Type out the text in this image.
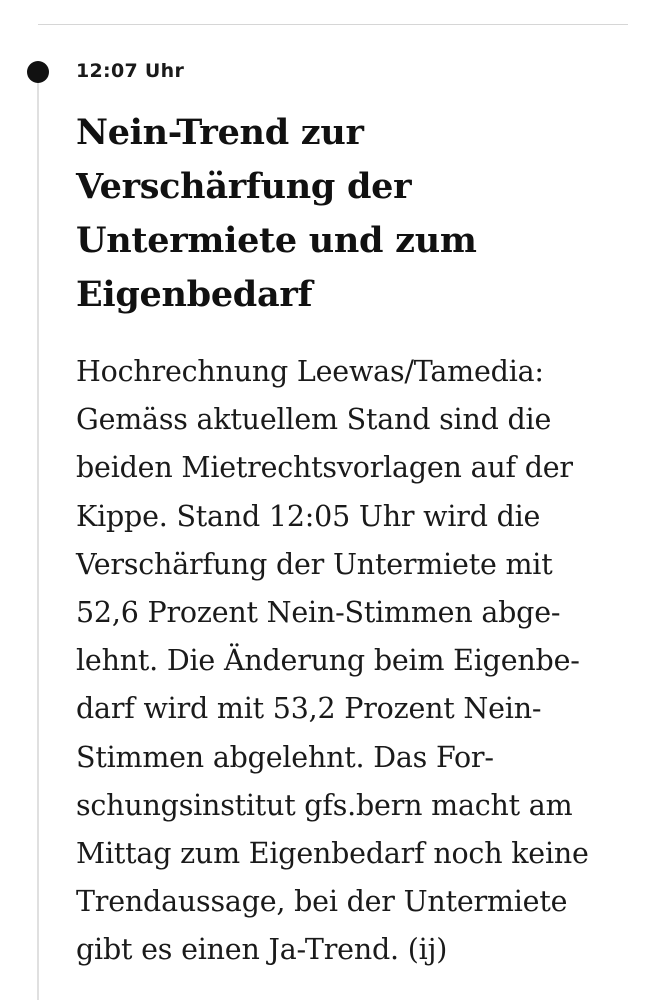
12:07 Uhr
Nein-Trend zur
Verschärfung der
Untermiete und zum
Eigenbedarf

Hochrechnung Leewas/Tamedia:
Gemäss aktuellem Stand sind die
beiden Mietrechtsvorlagen auf der
Kippe. Stand 12:05 Uhr wird die
Verschärfung der Untermiete mit
52,6 Prozent Nein-Stimmen abge-
lehnt. Die Änderung beim Eigenbe-
darf wird mit 53,2 Prozent Nein-
Stimmen abgelehnt. Das For-
schungsinstitut gfs.bern macht am
Mittag zum Eigenbedarf noch keine
Trendaussage, bei der Untermiete
gibt es einen Ja-Trend. (ij)
